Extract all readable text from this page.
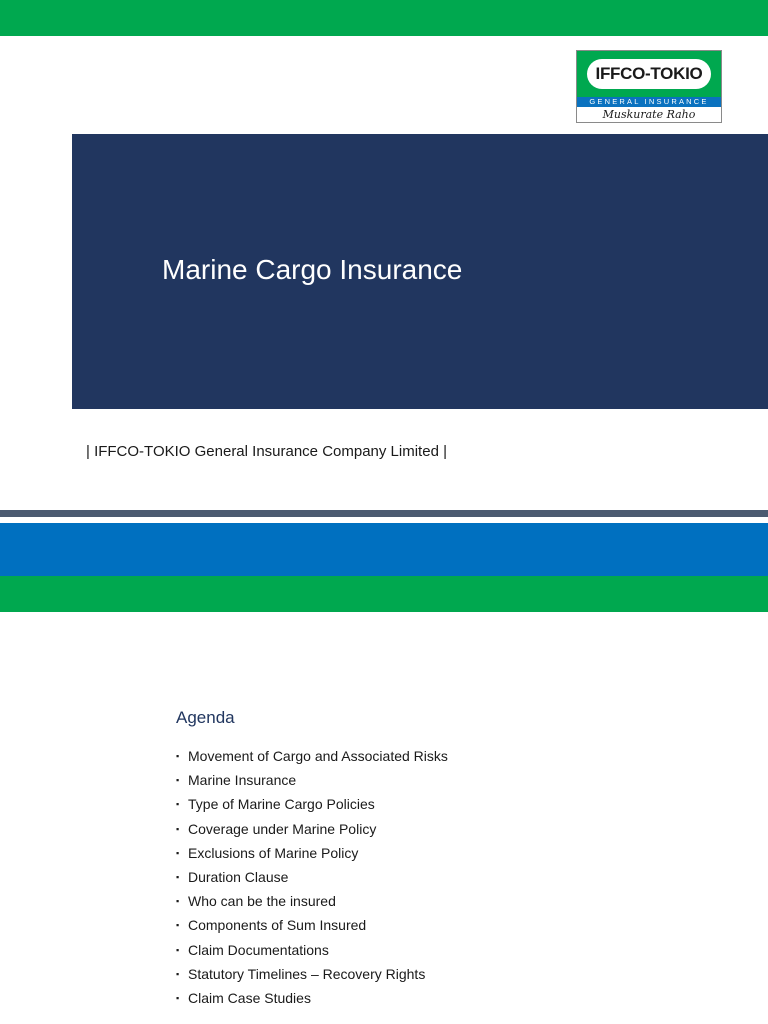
IFFCO-TOKIO
GENERAL INSURANCE
Muskurate Raho
Marine Cargo Insurance
| IFFCO-TOKIO General Insurance Company Limited |
Agenda
▪ Movement of Cargo and Associated Risks
▪ Marine Insurance
▪ Type of Marine Cargo Policies
▪ Coverage under Marine Policy
▪ Exclusions of Marine Policy
▪ Duration Clause
▪ Who can be the insured
▪ Components of Sum Insured
▪ Claim Documentations
▪ Statutory Timelines – Recovery Rights
▪ Claim Case Studies
